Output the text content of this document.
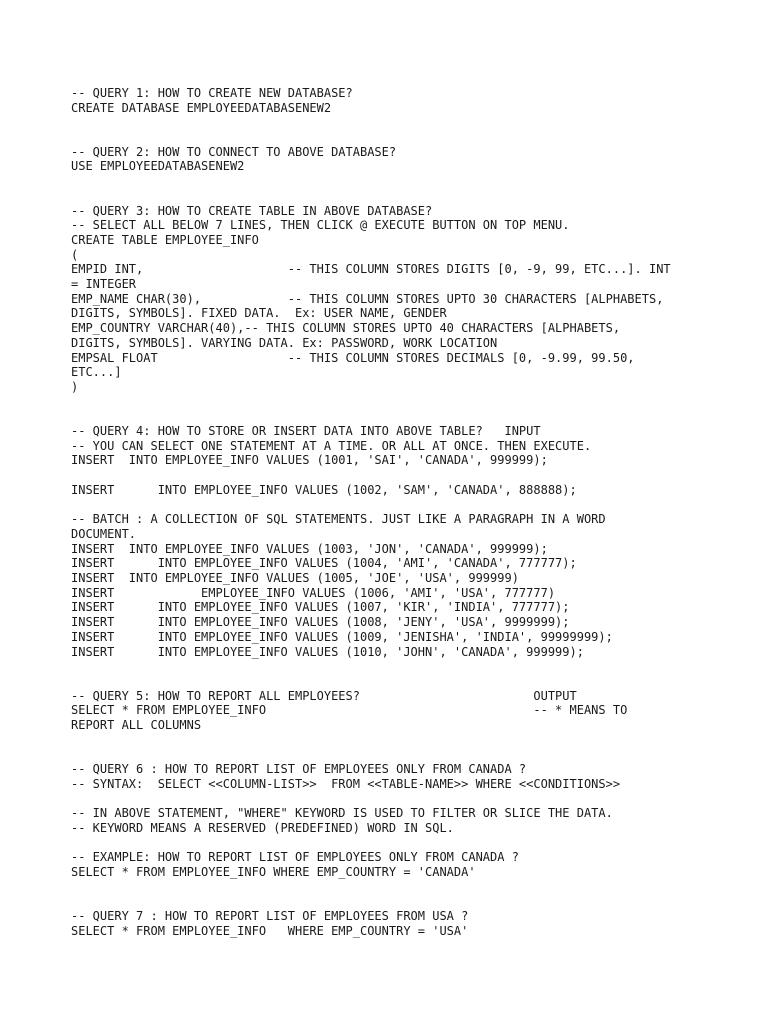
-- QUERY 1: HOW TO CREATE NEW DATABASE?
CREATE DATABASE EMPLOYEEDATABASENEW2
-- QUERY 2: HOW TO CONNECT TO ABOVE DATABASE?
USE EMPLOYEEDATABASENEW2
-- QUERY 3: HOW TO CREATE TABLE IN ABOVE DATABASE?
-- SELECT ALL BELOW 7 LINES, THEN CLICK @ EXECUTE BUTTON ON TOP MENU.
CREATE TABLE EMPLOYEE_INFO
(
EMPID INT,                    -- THIS COLUMN STORES DIGITS [0, -9, 99, ETC...]. INT
= INTEGER
EMP_NAME CHAR(30),            -- THIS COLUMN STORES UPTO 30 CHARACTERS [ALPHABETS,
DIGITS, SYMBOLS]. FIXED DATA.  Ex: USER NAME, GENDER
EMP_COUNTRY VARCHAR(40),-- THIS COLUMN STORES UPTO 40 CHARACTERS [ALPHABETS,
DIGITS, SYMBOLS]. VARYING DATA. Ex: PASSWORD, WORK LOCATION
EMPSAL FLOAT                  -- THIS COLUMN STORES DECIMALS [0, -9.99, 99.50,
ETC...]
)
-- QUERY 4: HOW TO STORE OR INSERT DATA INTO ABOVE TABLE?   INPUT
-- YOU CAN SELECT ONE STATEMENT AT A TIME. OR ALL AT ONCE. THEN EXECUTE.
INSERT  INTO EMPLOYEE_INFO VALUES (1001, 'SAI', 'CANADA', 999999);
INSERT      INTO EMPLOYEE_INFO VALUES (1002, 'SAM', 'CANADA', 888888);
-- BATCH : A COLLECTION OF SQL STATEMENTS. JUST LIKE A PARAGRAPH IN A WORD
DOCUMENT.
INSERT  INTO EMPLOYEE_INFO VALUES (1003, 'JON', 'CANADA', 999999);
INSERT      INTO EMPLOYEE_INFO VALUES (1004, 'AMI', 'CANADA', 777777);
INSERT  INTO EMPLOYEE_INFO VALUES (1005, 'JOE', 'USA', 999999)
INSERT            EMPLOYEE_INFO VALUES (1006, 'AMI', 'USA', 777777)
INSERT      INTO EMPLOYEE_INFO VALUES (1007, 'KIR', 'INDIA', 777777);
INSERT      INTO EMPLOYEE_INFO VALUES (1008, 'JENY', 'USA', 9999999);
INSERT      INTO EMPLOYEE_INFO VALUES (1009, 'JENISHA', 'INDIA', 99999999);
INSERT      INTO EMPLOYEE_INFO VALUES (1010, 'JOHN', 'CANADA', 999999);
-- QUERY 5: HOW TO REPORT ALL EMPLOYEES?                        OUTPUT
SELECT * FROM EMPLOYEE_INFO                                     -- * MEANS TO
REPORT ALL COLUMNS
-- QUERY 6 : HOW TO REPORT LIST OF EMPLOYEES ONLY FROM CANADA ?
-- SYNTAX:  SELECT <<COLUMN-LIST>>  FROM <<TABLE-NAME>> WHERE <<CONDITIONS>>
-- IN ABOVE STATEMENT, "WHERE" KEYWORD IS USED TO FILTER OR SLICE THE DATA.
-- KEYWORD MEANS A RESERVED (PREDEFINED) WORD IN SQL.
-- EXAMPLE: HOW TO REPORT LIST OF EMPLOYEES ONLY FROM CANADA ?
SELECT * FROM EMPLOYEE_INFO WHERE EMP_COUNTRY = 'CANADA'
-- QUERY 7 : HOW TO REPORT LIST OF EMPLOYEES FROM USA ?
SELECT * FROM EMPLOYEE_INFO   WHERE EMP_COUNTRY = 'USA'
